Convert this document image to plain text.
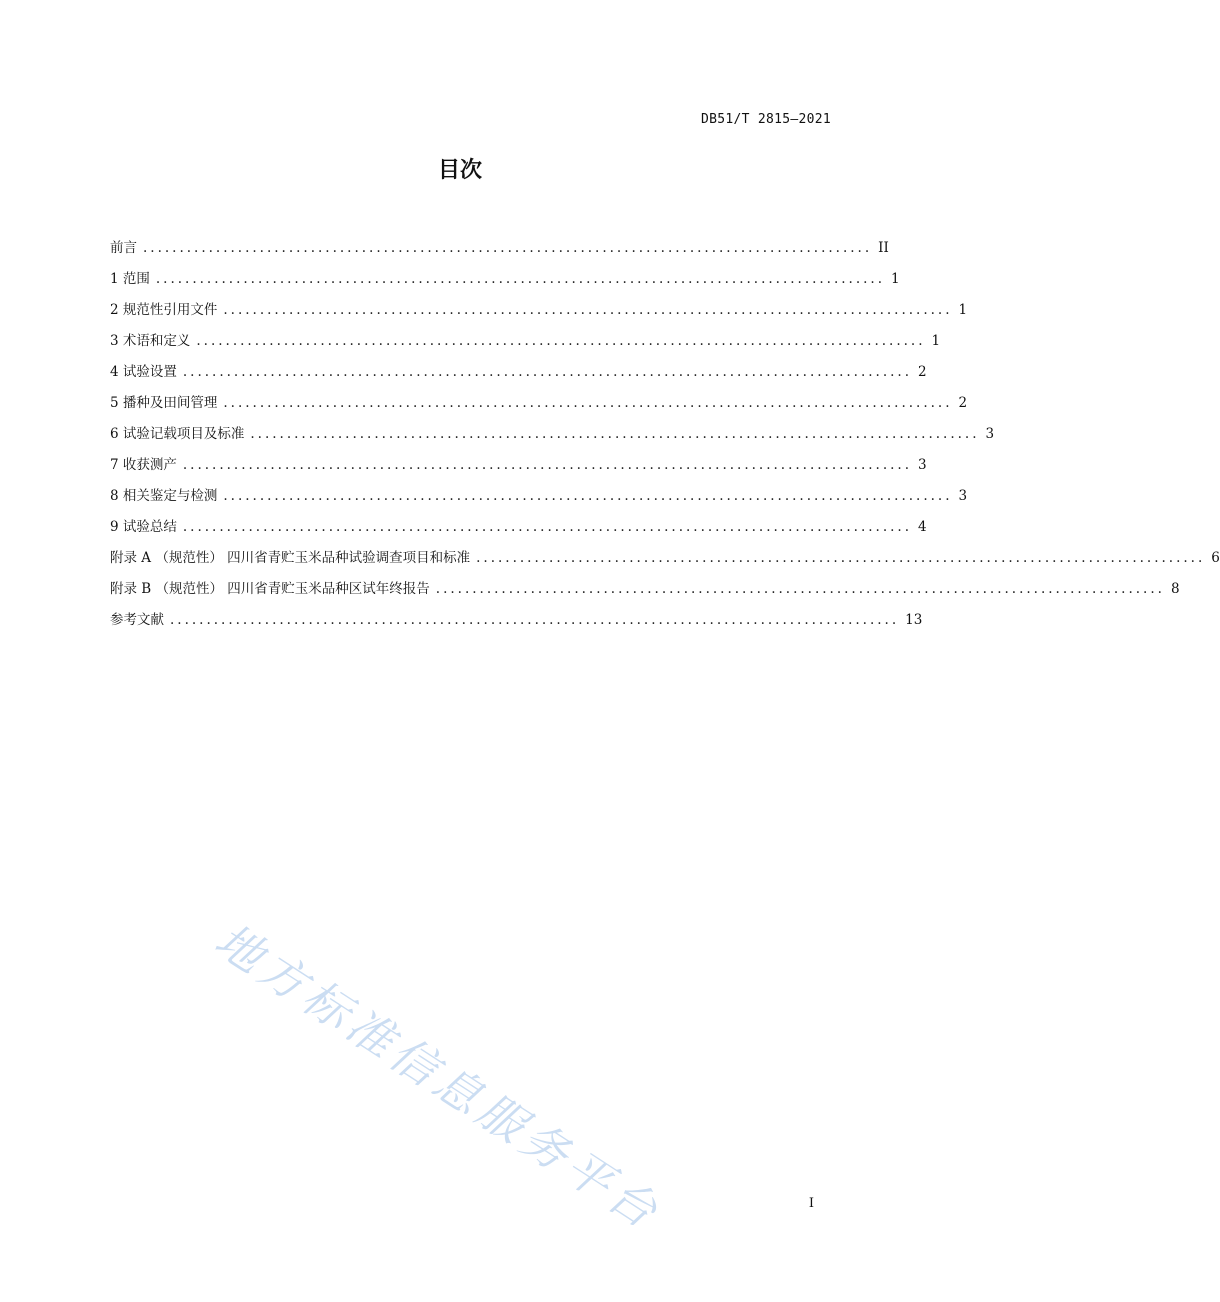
DB51/T 2815—2021
目次
前言 .................................................................................................... II
1 范围 .................................................................................................... 1
2 规范性引用文件 .................................................................................................... 1
3 术语和定义 .................................................................................................... 1
4 试验设置 .................................................................................................... 2
5 播种及田间管理 .................................................................................................... 2
6 试验记载项目及标准 .................................................................................................... 3
7 收获测产 .................................................................................................... 3
8 相关鉴定与检测 .................................................................................................... 3
9 试验总结 .................................................................................................... 4
附录 A （规范性） 四川省青贮玉米品种试验调查项目和标准 .................................................................................................... 6
附录 B （规范性） 四川省青贮玉米品种区试年终报告 .................................................................................................... 8
参考文献 .................................................................................................... 13
地方标准信息服务平台	I
